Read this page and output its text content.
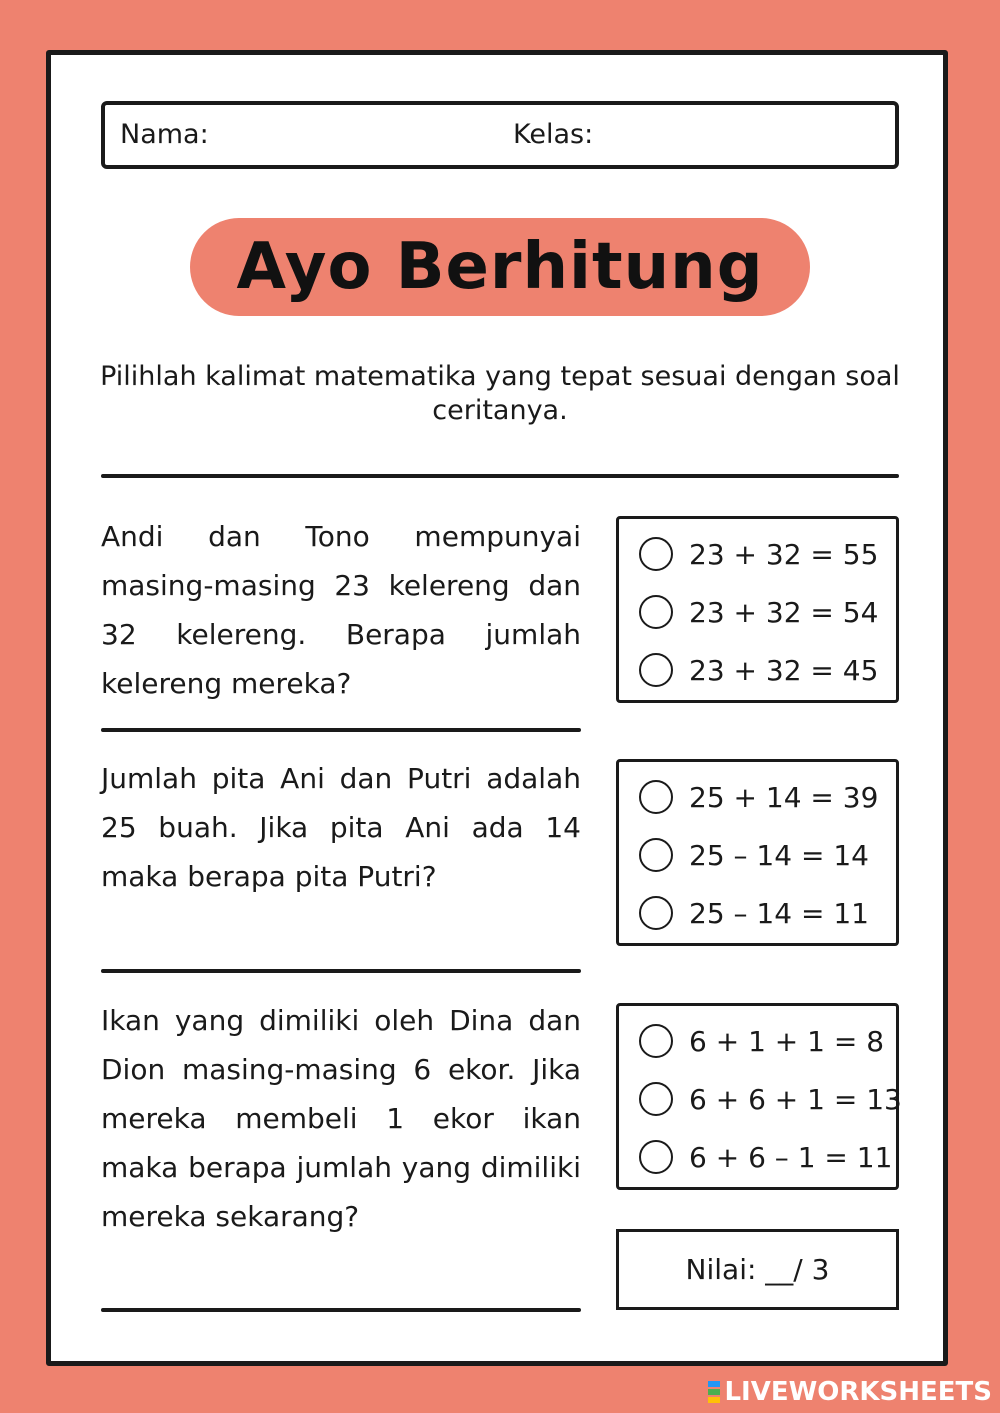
Nama:	Kelas:
Ayo Berhitung
Pilihlah kalimat matematika yang tepat sesuai dengan soal ceritanya.
Andi dan Tono mempunyai masing-masing 23 kelereng dan 32 kelereng. Berapa jumlah kelereng mereka?
23 + 32 = 55
23 + 32 = 54
23 + 32 = 45
Jumlah pita Ani dan Putri adalah 25 buah. Jika pita Ani ada 14 maka berapa pita Putri?
25 + 14 = 39
25 – 14 = 14
25 – 14 = 11
Ikan yang dimiliki oleh Dina dan Dion masing-masing 6 ekor. Jika mereka membeli 1 ekor ikan maka berapa jumlah yang dimiliki mereka sekarang?
6 + 1 + 1 = 8
6 + 6 + 1 = 13
6 + 6 – 1 = 11
Nilai: __/ 3
LIVEWORKSHEETS
